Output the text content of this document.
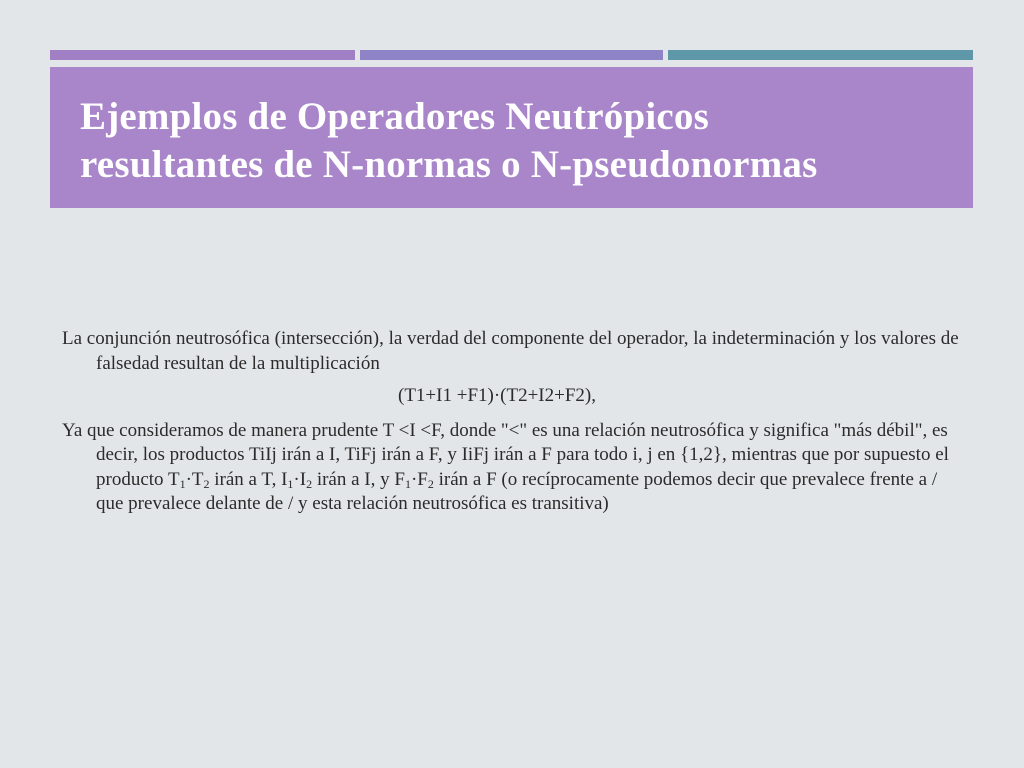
Ejemplos de Operadores Neutrópicos
resultantes de N-normas o N-pseudonormas

La conjunción neutrosófica (intersección), la verdad del componente del operador, la indeterminación y los valores de falsedad resultan de la multiplicación

(T1+I1 +F1)·(T2+I2+F2),

Ya que consideramos de manera prudente T <I <F, donde "<" es una relación neutrosófica y significa "más débil", es decir, los productos TiIj irán a I, TiFj irán a F, y IiFj irán a F para todo i, j en {1,2}, mientras que por supuesto el producto $T_1\cdot T_2$ irán a T, $I_1\cdot I_2$ irán a I, y $F_1\cdot F_2$ irán a F (o recíprocamente podemos decir que prevalece frente a / que prevalece delante de / y esta relación neutrosófica es transitiva)
